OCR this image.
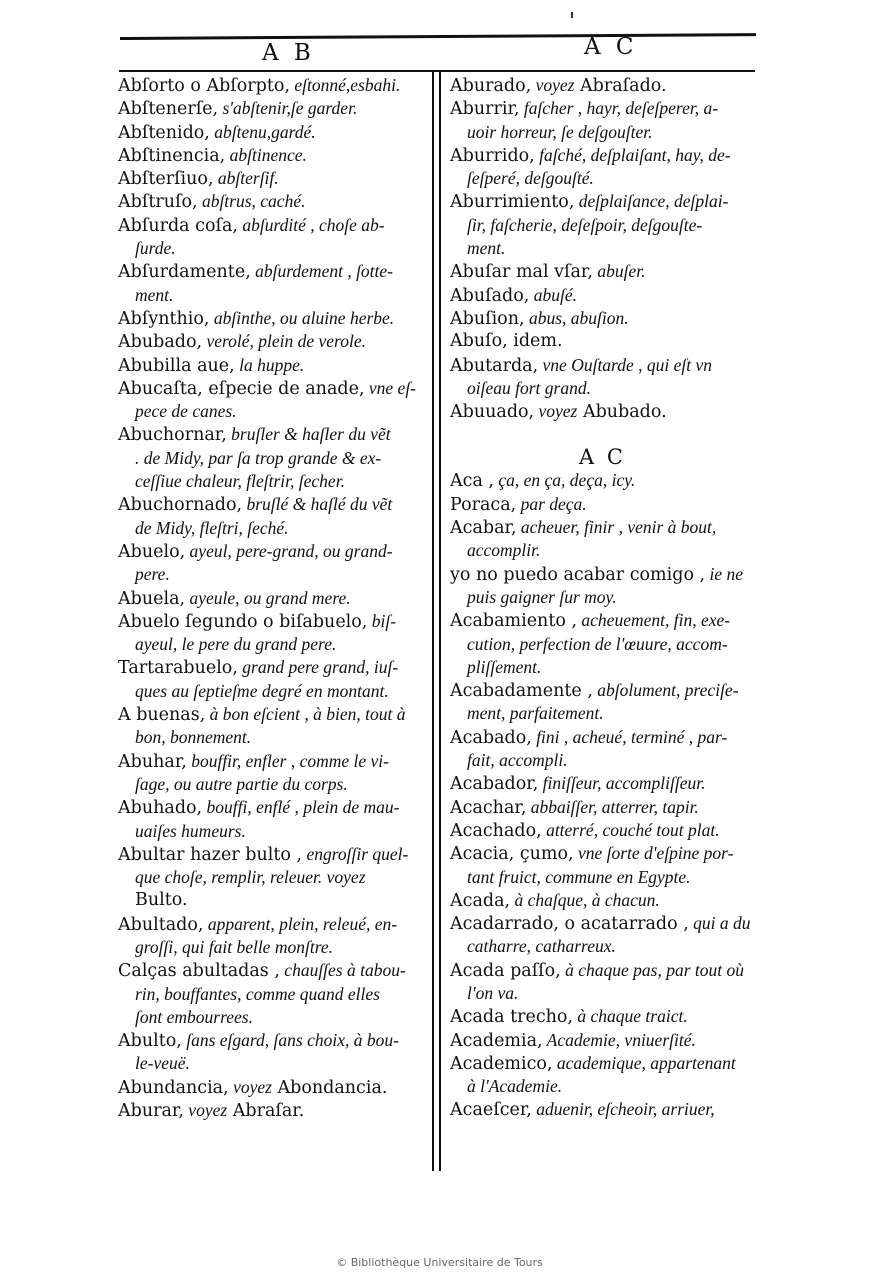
A B	A C
Abſorto o Abſorpto, eſtonné,esbahi.
Abſtenerſe, s'abſtenir,ſe garder.
Abſtenido, abſtenu,gardé.
Abſtinencia, abſtinence.
Abſterſiuo, abſterſif.
Abſtruſo, abſtrus, caché.
Abſurda coſa, abſurdité , choſe ab-
ſurde.
Abſurdamente, abſurdement , ſotte-
ment.
Abſynthio, abſinthe, ou aluine herbe.
Abubado, verolé, plein de verole.
Abubilla aue, la huppe.
Abucaſta, eſpecie de anade, vne eſ-
pece de canes.
Abuchornar, bruſler & haſler du vẽt
. de Midy, par ſa trop grande & ex-
ceſſiue chaleur, fleſtrir, ſecher.
Abuchornado, bruſlé & haſlé du vẽt
de Midy, fleſtri, ſeché.
Abuelo, ayeul, pere-grand, ou grand-
pere.
Abuela, ayeule, ou grand mere.
Abuelo ſegundo o biſabuelo, biſ-
ayeul, le pere du grand pere.
Tartarabuelo, grand pere grand, iuſ-
ques au ſeptieſme degré en montant.
A buenas, à bon eſcient , à bien, tout à
bon, bonnement.
Abuhar, bouffir, enfler , comme le vi-
ſage, ou autre partie du corps.
Abuhado, bouffi, enflé , plein de mau-
uaiſes humeurs.
Abultar hazer bulto , engroſſir quel-
que choſe, remplir, releuer. voyez
Bulto.
Abultado, apparent, plein, releué, en-
groſſi, qui fait belle monſtre.
Calças abultadas , chauſſes à tabou-
rin, bouffantes, comme quand elles
ſont embourrees.
Abulto, ſans eſgard, ſans choix, à bou-
le-veuë.
Abundancia, voyez Abondancia.
Aburar, voyez Abraſar.
Aburado, voyez Abraſado.
Aburrir, faſcher , hayr, deſeſperer, a-
uoir horreur, ſe deſgouſter.
Aburrido, faſché, deſplaiſant, hay, de-
ſeſperé, deſgouſté.
Aburrimiento, deſplaiſance, deſplai-
ſir, faſcherie, deſeſpoir, deſgouſte-
ment.
Abuſar mal vſar, abuſer.
Abuſado, abuſé.
Abuſion, abus, abuſion.
Abuſo, idem.
Abutarda, vne Ouſtarde , qui eſt vn
oiſeau fort grand.
Abuuado, voyez Abubado.
A C
Aca , ça, en ça, deça, icy.
Poraca, par deça.
Acabar, acheuer, finir , venir à bout,
accomplir.
yo no puedo acabar comigo , ie ne
puis gaigner ſur moy.
Acabamiento , acheuement, fin, exe-
cution, perfection de l'œuure, accom-
pliſſement.
Acabadamente , abſolument, preciſe-
ment, parfaitement.
Acabado, fini , acheué, terminé , par-
fait, accompli.
Acabador, finiſſeur, accompliſſeur.
Acachar, abbaiſſer, atterrer, tapir.
Acachado, atterré, couché tout plat.
Acacia, çumo, vne ſorte d'eſpine por-
tant fruict, commune en Egypte.
Acada, à chaſque, à chacun.
Acadarrado, o acatarrado , qui a du
catharre, catharreux.
Acada paſſo, à chaque pas, par tout où
l'on va.
Acada trecho, à chaque traict.
Academia, Academie, vniuerſité.
Academico, academique, appartenant
à l'Academie.
Acaeſcer, aduenir, eſcheoir, arriuer,
© Bibliothèque Universitaire de Tours
